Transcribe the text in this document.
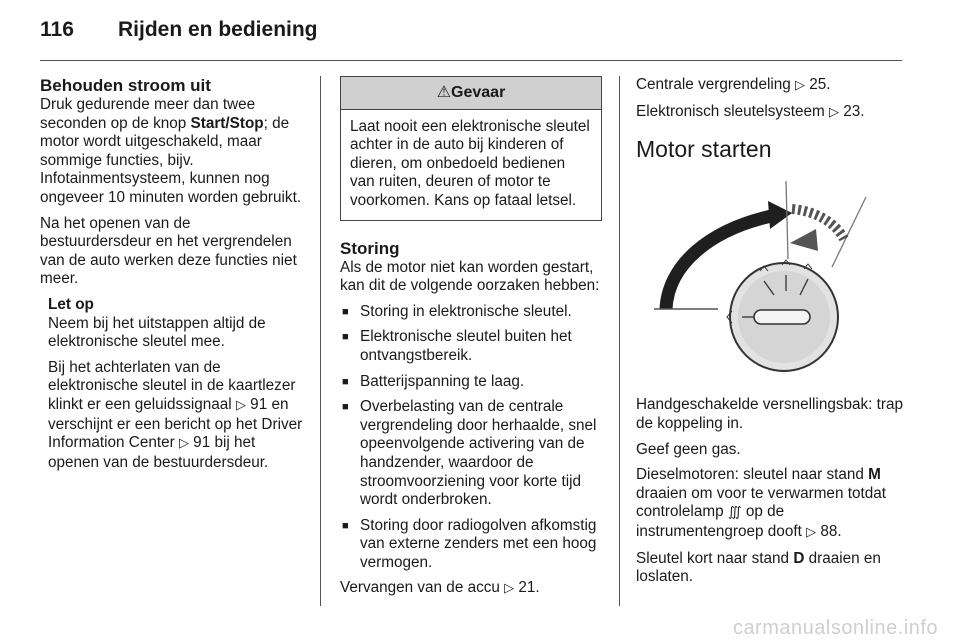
116 Rijden en bediening
Behouden stroom uit

Druk gedurende meer dan twee seconden op de knop Start/Stop; de motor wordt uitgeschakeld, maar sommige functies, bijv. Infotainmentsysteem, kunnen nog ongeveer 10 minuten worden gebruikt.

Na het openen van de bestuurdersdeur en het vergrendelen van de auto werken deze functies niet meer.

Let op

Neem bij het uitstappen altijd de elektronische sleutel mee.

Bij het achterlaten van de elektronische sleutel in de kaartlezer klinkt er een geluidssignaal ▷ 91 en verschijnt er een bericht op het Driver Information Center ▷ 91 bij het openen van de bestuurdersdeur.

⚠Gevaar
Laat nooit een elektronische sleutel achter in de auto bij kinderen of dieren, om onbedoeld bedienen van ruiten, deuren of motor te voorkomen. Kans op fataal letsel.
Storing

Als de motor niet kan worden gestart, kan dit de volgende oorzaken hebben:

■ Storing in elektronische sleutel.
■ Elektronische sleutel buiten het ontvangstbereik.
■ Batterijspanning te laag.
■ Overbelasting van de centrale vergrendeling door herhaalde, snel opeenvolgende activering van de handzender, waardoor de stroomvoorziening voor korte tijd wordt onderbroken.
■ Storing door radiogolven afkomstig van externe zenders met een hoog vermogen.

Vervangen van de accu ▷ 21.

Centrale vergrendeling ▷ 25.

Elektronisch sleutelsysteem ▷ 23.

Motor starten

Handgeschakelde versnellingsbak: trap de koppeling in.

Geef geen gas.

Dieselmotoren: sleutel naar stand M draaien om voor te verwarmen totdat controlelamp ∭ op de instrumentengroep dooft ▷ 88.

Sleutel kort naar stand D draaien en loslaten.

carmanualsonline.info
